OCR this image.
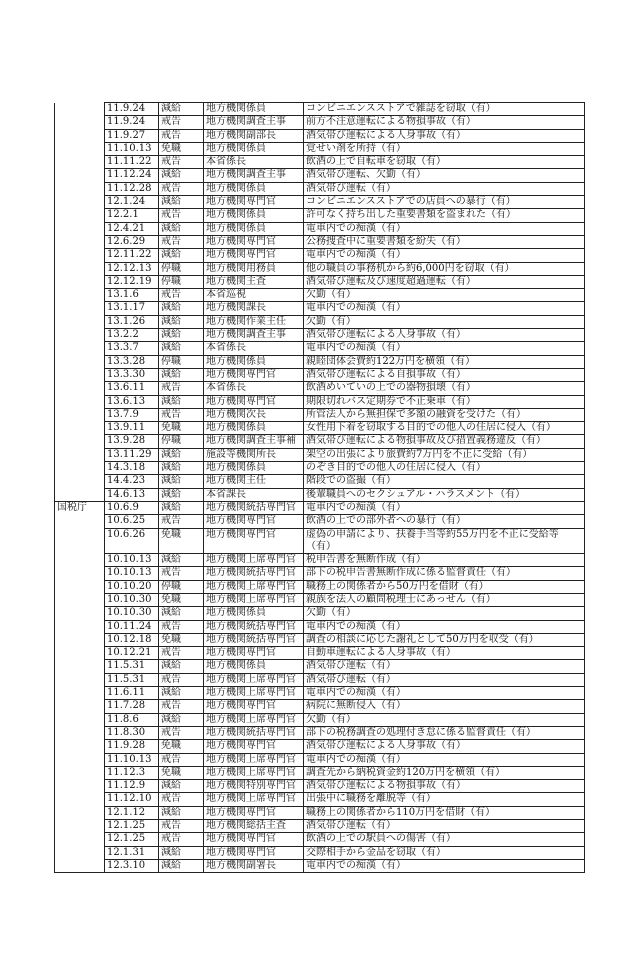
	11.9.24	減給	地方機関係員	コンビニエンスストアで雑誌を窃取（有）
	11.9.24	戒告	地方機関調査主事	前方不注意運転による物損事故（有）
	11.9.27	戒告	地方機関副部長	酒気帯び運転による人身事故（有）
	11.10.13	免職	地方機関係員	覚せい剤を所持（有）
	11.11.22	戒告	本省係長	飲酒の上で自転車を窃取（有）
	11.12.24	減給	地方機関調査主事	酒気帯び運転、欠勤（有）
	11.12.28	戒告	地方機関係員	酒気帯び運転（有）
	12.1.24	減給	地方機関専門官	コンビニエンスストアでの店員への暴行（有）
	12.2.1	戒告	地方機関係員	許可なく持ち出した重要書類を盗まれた（有）
	12.4.21	減給	地方機関係員	電車内での痴漢（有）
	12.6.29	戒告	地方機関専門官	公務捜査中に重要書類を紛失（有）
	12.11.22	減給	地方機関専門官	電車内での痴漢（有）
	12.12.13	停職	地方機関用務員	他の職員の事務机から約6,000円を窃取（有）
	12.12.19	停職	地方機関主査	酒気帯び運転及び速度超過運転（有）
	13.1.6	戒告	本省巡視	欠勤（有）
	13.1.17	減給	地方機関課長	電車内での痴漢（有）
	13.1.26	減給	地方機関作業主任	欠勤（有）
	13.2.2	減給	地方機関調査主事	酒気帯び運転による人身事故（有）
	13.3.7	減給	本省係長	電車内での痴漢（有）
	13.3.28	停職	地方機関係員	親睦団体会費約122万円を横領（有）
	13.3.30	減給	地方機関専門官	酒気帯び運転による自損事故（有）
	13.6.11	戒告	本省係長	飲酒めいていの上での器物損壊（有）
	13.6.13	減給	地方機関専門官	期限切れバス定期券で不正乗車（有）
	13.7.9	戒告	地方機関次長	所管法人から無担保で多額の融資を受けた（有）
	13.9.11	免職	地方機関係員	女性用下着を窃取する目的での他人の住居に侵入（有）
	13.9.28	停職	地方機関調査主事補	酒気帯び運転による物損事故及び措置義務違反（有）
	13.11.29	減給	施設等機関所長	架空の出張により旅費約7万円を不正に受給（有）
	14.3.18	減給	地方機関係員	のぞき目的での他人の住居に侵入（有）
	14.4.23	減給	地方機関主任	階段での盗撮（有）
	14.6.13	減給	本省課長	後輩職員へのセクシュアル・ハラスメント（有）
国税庁	10.6.9	減給	地方機関統括専門官	電車内での痴漢（有）
	10.6.25	戒告	地方機関専門官	飲酒の上での部外者への暴行（有）
	10.6.26	免職	地方機関専門官	虚偽の申請により、扶養手当等約55万円を不正に受給等（有）
	10.10.13	減給	地方機関上席専門官	税申告書を無断作成（有）
	10.10.13	戒告	地方機関統括専門官	部下の税申告書無断作成に係る監督責任（有）
	10.10.20	停職	地方機関上席専門官	職務上の関係者から50万円を借財（有）
	10.10.30	免職	地方機関上席専門官	親族を法人の顧問税理士にあっせん（有）
	10.10.30	減給	地方機関係員	欠勤（有）
	10.11.24	戒告	地方機関統括専門官	電車内での痴漢（有）
	10.12.18	免職	地方機関統括専門官	調査の相談に応じた謝礼として50万円を収受（有）
	10.12.21	戒告	地方機関専門官	自動車運転による人身事故（有）
	11.5.31	減給	地方機関係員	酒気帯び運転（有）
	11.5.31	戒告	地方機関上席専門官	酒気帯び運転（有）
	11.6.11	減給	地方機関上席専門官	電車内での痴漢（有）
	11.7.28	戒告	地方機関専門官	病院に無断侵入（有）
	11.8.6	減給	地方機関上席専門官	欠勤（有）
	11.8.30	戒告	地方機関統括専門官	部下の税務調査の処理付き怠に係る監督責任（有）
	11.9.28	免職	地方機関専門官	酒気帯び運転による人身事故（有）
	11.10.13	戒告	地方機関上席専門官	電車内での痴漢（有）
	11.12.3	免職	地方機関上席専門官	調査先から納税資金約120万円を横領（有）
	11.12.9	減給	地方機関特別専門官	酒気帯び運転による物損事故（有）
	11.12.10	戒告	地方機関上席専門官	出張中に職務を離脱等（有）
	12.1.12	減給	地方機関専門官	職務上の関係者から110万円を借財（有）
	12.1.25	戒告	地方機関総括主査	酒気帯び運転（有）
	12.1.25	戒告	地方機関専門官	飲酒の上での駅員への傷害（有）
	12.1.31	減給	地方機関専門官	交際相手から金品を窃取（有）
	12.3.10	減給	地方機関副署長	電車内での痴漢（有）
